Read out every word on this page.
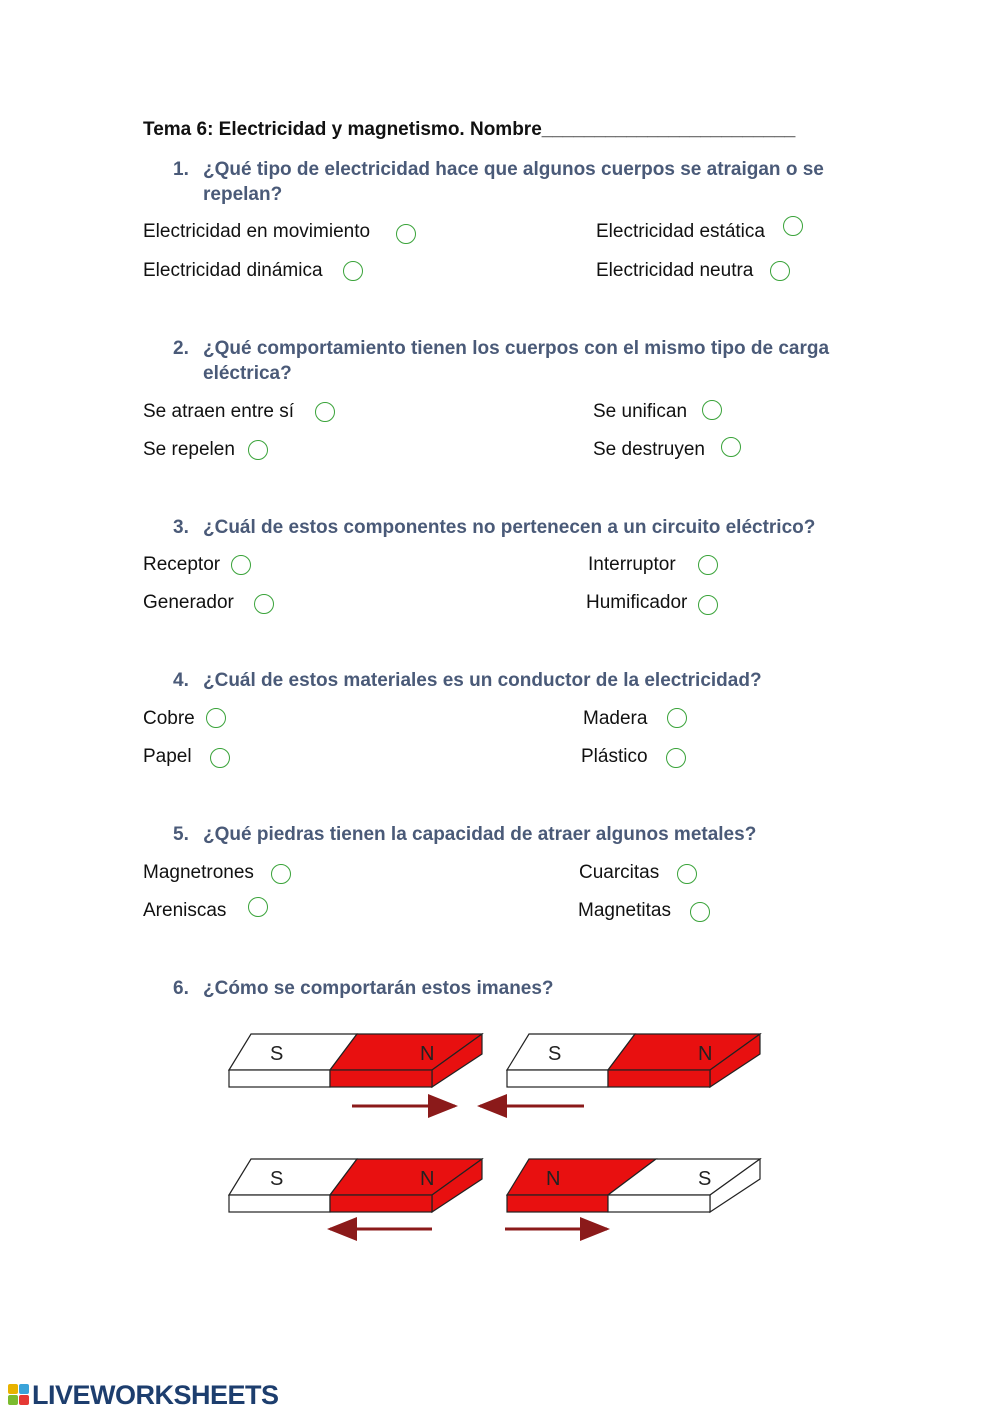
Tema 6: Electricidad y magnetismo. Nombre________________________
1. ¿Qué tipo de electricidad hace que algunos cuerpos se atraigan o se repelan?
Electricidad en movimiento	Electricidad estática
Electricidad dinámica	Electricidad neutra
2. ¿Qué comportamiento tienen los cuerpos con el mismo tipo de carga eléctrica?
Se atraen entre sí	Se unifican
Se repelen	Se destruyen
3. ¿Cuál de estos componentes no pertenecen a un circuito eléctrico?
Receptor	Interruptor
Generador	Humificador
4. ¿Cuál de estos materiales es un conductor de la electricidad?
Cobre	Madera
Papel	Plástico
5. ¿Qué piedras tienen la capacidad de atraer algunos metales?
Magnetrones	Cuarcitas
Areniscas	Magnetitas
6. ¿Cómo se comportarán estos imanes?
S	N	S	N
S	N	N	S
LIVEWORKSHEETS
